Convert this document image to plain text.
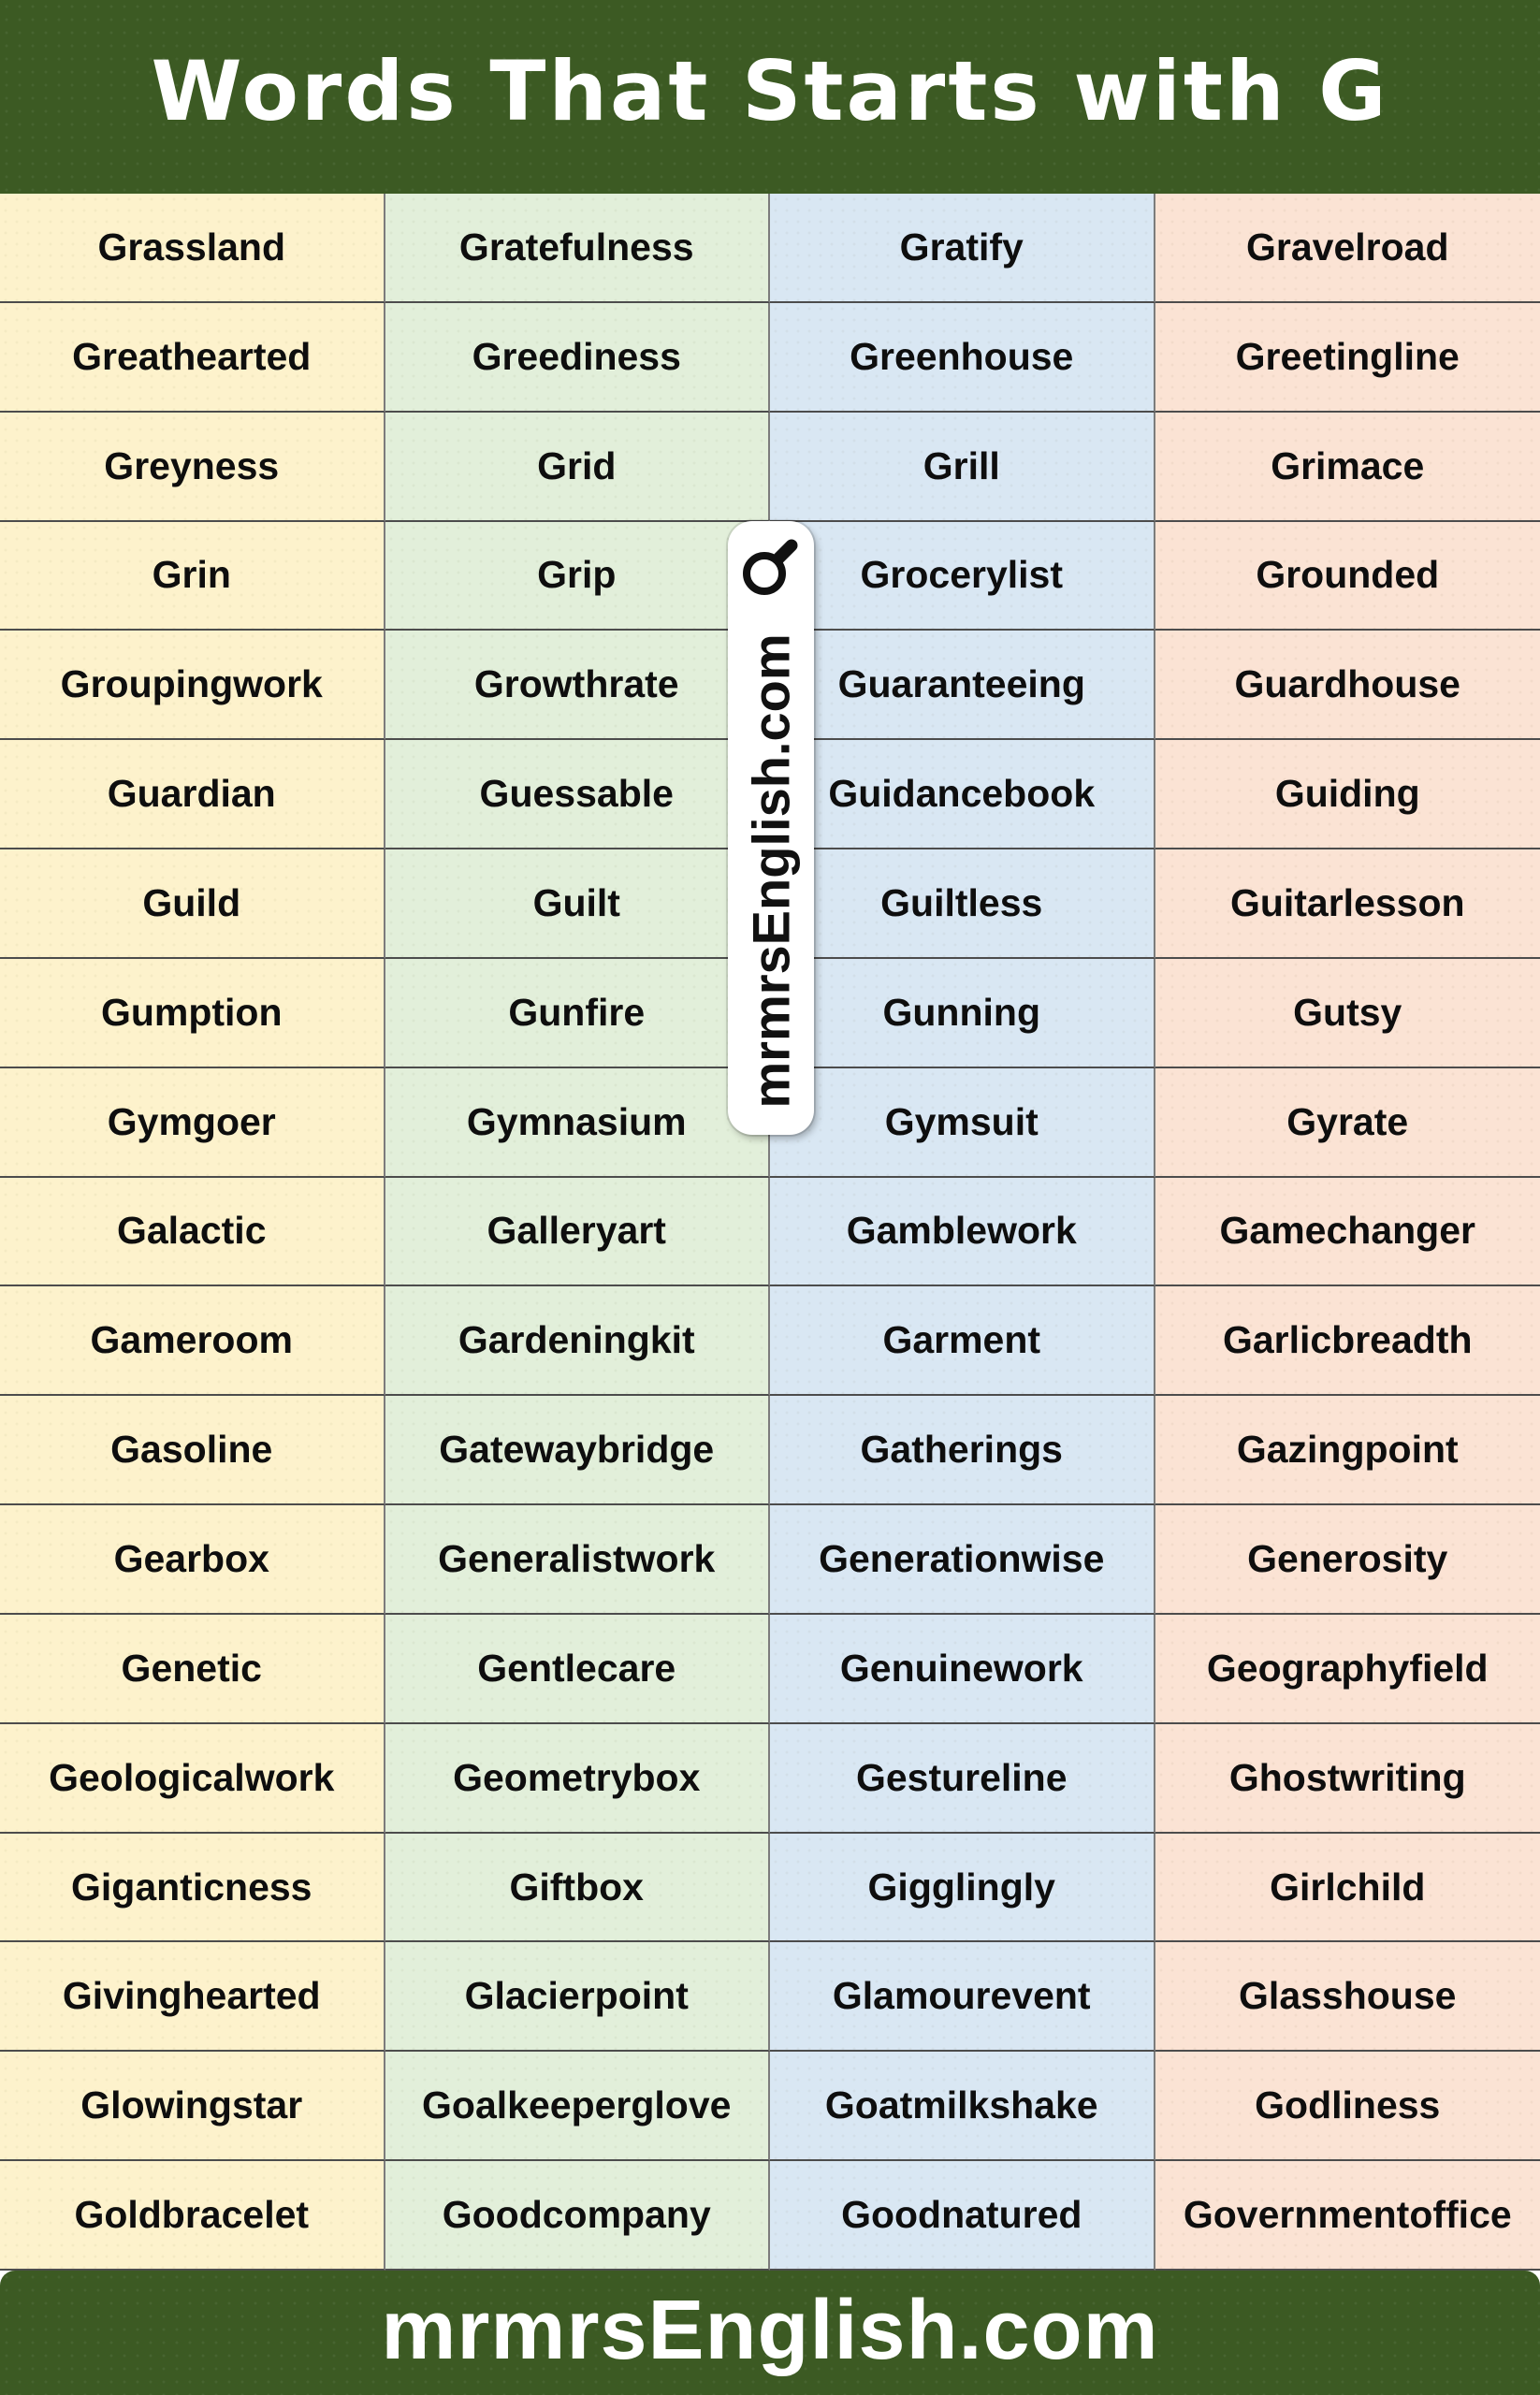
Words That Starts with G
Grassland	Gratefulness	Gratify	Gravelroad
Greathearted	Greediness	Greenhouse	Greetingline
Greyness	Grid	Grill	Grimace
Grin	Grip	Grocerylist	Grounded
Groupingwork	Growthrate	Guaranteeing	Guardhouse
Guardian	Guessable	Guidancebook	Guiding
Guild	Guilt	Guiltless	Guitarlesson
Gumption	Gunfire	Gunning	Gutsy
Gymgoer	Gymnasium	Gymsuit	Gyrate
Galactic	Galleryart	Gamblework	Gamechanger
Gameroom	Gardeningkit	Garment	Garlicbreadth
Gasoline	Gatewaybridge	Gatherings	Gazingpoint
Gearbox	Generalistwork	Generationwise	Generosity
Genetic	Gentlecare	Genuinework	Geographyfield
Geologicalwork	Geometrybox	Gestureline	Ghostwriting
Giganticness	Giftbox	Gigglingly	Girlchild
Givinghearted	Glacierpoint	Glamourevent	Glasshouse
Glowingstar	Goalkeeperglove	Goatmilkshake	Godliness
Goldbracelet	Goodcompany	Goodnatured	Governmentoffice
mrmrsEnglish.com
mrmrsEnglish.com
